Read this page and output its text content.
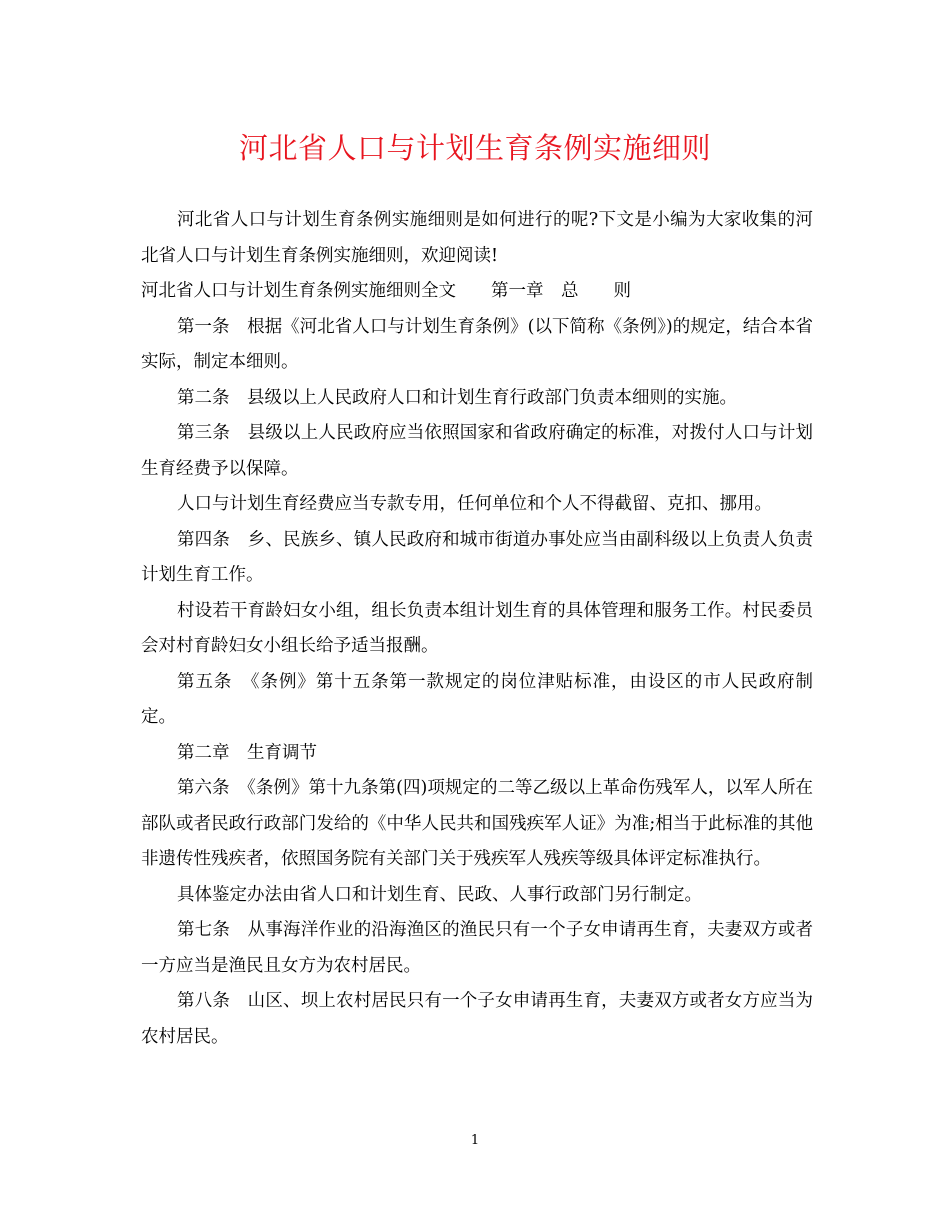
河北省人口与计划生育条例实施细则

河北省人口与计划生育条例实施细则是如何进行的呢?下文是小编为大家收集的河北省人口与计划生育条例实施细则，欢迎阅读!

河北省人口与计划生育条例实施细则全文　　第一章　总　　则

第一条　根据《河北省人口与计划生育条例》(以下简称《条例》)的规定，结合本省实际，制定本细则。

第二条　县级以上人民政府人口和计划生育行政部门负责本细则的实施。

第三条　县级以上人民政府应当依照国家和省政府确定的标准，对拨付人口与计划生育经费予以保障。

人口与计划生育经费应当专款专用，任何单位和个人不得截留、克扣、挪用。

第四条　乡、民族乡、镇人民政府和城市街道办事处应当由副科级以上负责人负责计划生育工作。

村设若干育龄妇女小组，组长负责本组计划生育的具体管理和服务工作。村民委员会对村育龄妇女小组长给予适当报酬。

第五条　《条例》第十五条第一款规定的岗位津贴标准，由设区的市人民政府制定。

第二章　生育调节

第六条　《条例》第十九条第(四)项规定的二等乙级以上革命伤残军人，以军人所在部队或者民政行政部门发给的《中华人民共和国残疾军人证》为准;相当于此标准的其他非遗传性残疾者，依照国务院有关部门关于残疾军人残疾等级具体评定标准执行。

具体鉴定办法由省人口和计划生育、民政、人事行政部门另行制定。

第七条　从事海洋作业的沿海渔区的渔民只有一个子女申请再生育，夫妻双方或者一方应当是渔民且女方为农村居民。

第八条　山区、坝上农村居民只有一个子女申请再生育，夫妻双方或者女方应当为农村居民。

1
